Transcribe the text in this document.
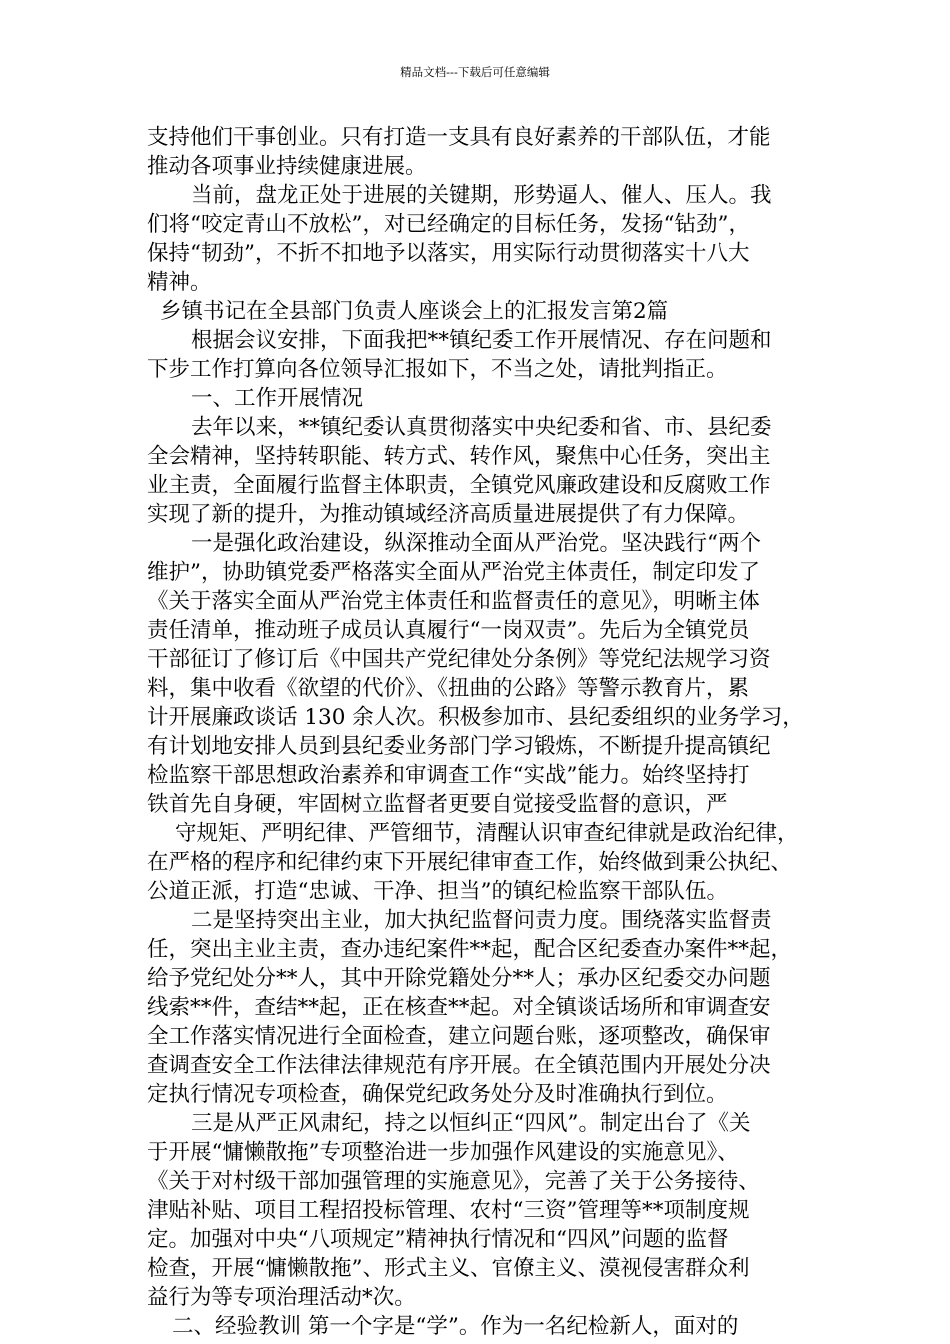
精品文档---下载后可任意编辑
支持他们干事创业。只有打造一支具有良好素养的干部队伍，才能
推动各项事业持续健康进展。
当前，盘龙正处于进展的关键期，形势逼人、催人、压人。我
们将“咬定青山不放松”，对已经确定的目标任务，发扬“钻劲”，
保持“韧劲”，不折不扣地予以落实，用实际行动贯彻落实十八大
精神。
乡镇书记在全县部门负责人座谈会上的汇报发言第2篇
根据会议安排，下面我把**镇纪委工作开展情况、存在问题和
下步工作打算向各位领导汇报如下，不当之处，请批判指正。
一、工作开展情况
去年以来，**镇纪委认真贯彻落实中央纪委和省、市、县纪委
全会精神，坚持转职能、转方式、转作风，聚焦中心任务，突出主
业主责，全面履行监督主体职责，全镇党风廉政建设和反腐败工作
实现了新的提升，为推动镇域经济高质量进展提供了有力保障。
一是强化政治建设，纵深推动全面从严治党。坚决践行“两个
维护”，协助镇党委严格落实全面从严治党主体责任，制定印发了
《关于落实全面从严治党主体责任和监督责任的意见》，明晰主体
责任清单，推动班子成员认真履行“一岗双责”。先后为全镇党员
干部征订了修订后《中国共产党纪律处分条例》等党纪法规学习资
料，集中收看《欲望的代价》、《扭曲的公路》等警示教育片，累
计开展廉政谈话 130 余人次。积极参加市、县纪委组织的业务学习，
有计划地安排人员到县纪委业务部门学习锻炼，不断提升提高镇纪
检监察干部思想政治素养和审调查工作“实战”能力。始终坚持打
铁首先自身硬，牢固树立监督者更要自觉接受监督的意识，严
守规矩、严明纪律、严管细节，清醒认识审查纪律就是政治纪律，
在严格的程序和纪律约束下开展纪律审查工作，始终做到秉公执纪、
公道正派，打造“忠诚、干净、担当”的镇纪检监察干部队伍。
二是坚持突出主业，加大执纪监督问责力度。围绕落实监督责
任，突出主业主责，查办违纪案件**起，配合区纪委查办案件**起，
给予党纪处分**人，其中开除党籍处分**人；承办区纪委交办问题
线索**件，查结**起，正在核查**起。对全镇谈话场所和审调查安
全工作落实情况进行全面检查，建立问题台账，逐项整改，确保审
查调查安全工作法律法律规范有序开展。在全镇范围内开展处分决
定执行情况专项检查，确保党纪政务处分及时准确执行到位。
三是从严正风肃纪，持之以恒纠正“四风”。制定出台了《关
于开展“慵懒散拖”专项整治进一步加强作风建设的实施意见》、
《关于对村级干部加强管理的实施意见》，完善了关于公务接待、
津贴补贴、项目工程招投标管理、农村“三资”管理等**项制度规
定。加强对中央“八项规定”精神执行情况和“四风”问题的监督
检查，开展“慵懒散拖”、形式主义、官僚主义、漠视侵害群众利
益行为等专项治理活动*次。
二、经验教训 第一个字是“学”。作为一名纪检新人，面对的
